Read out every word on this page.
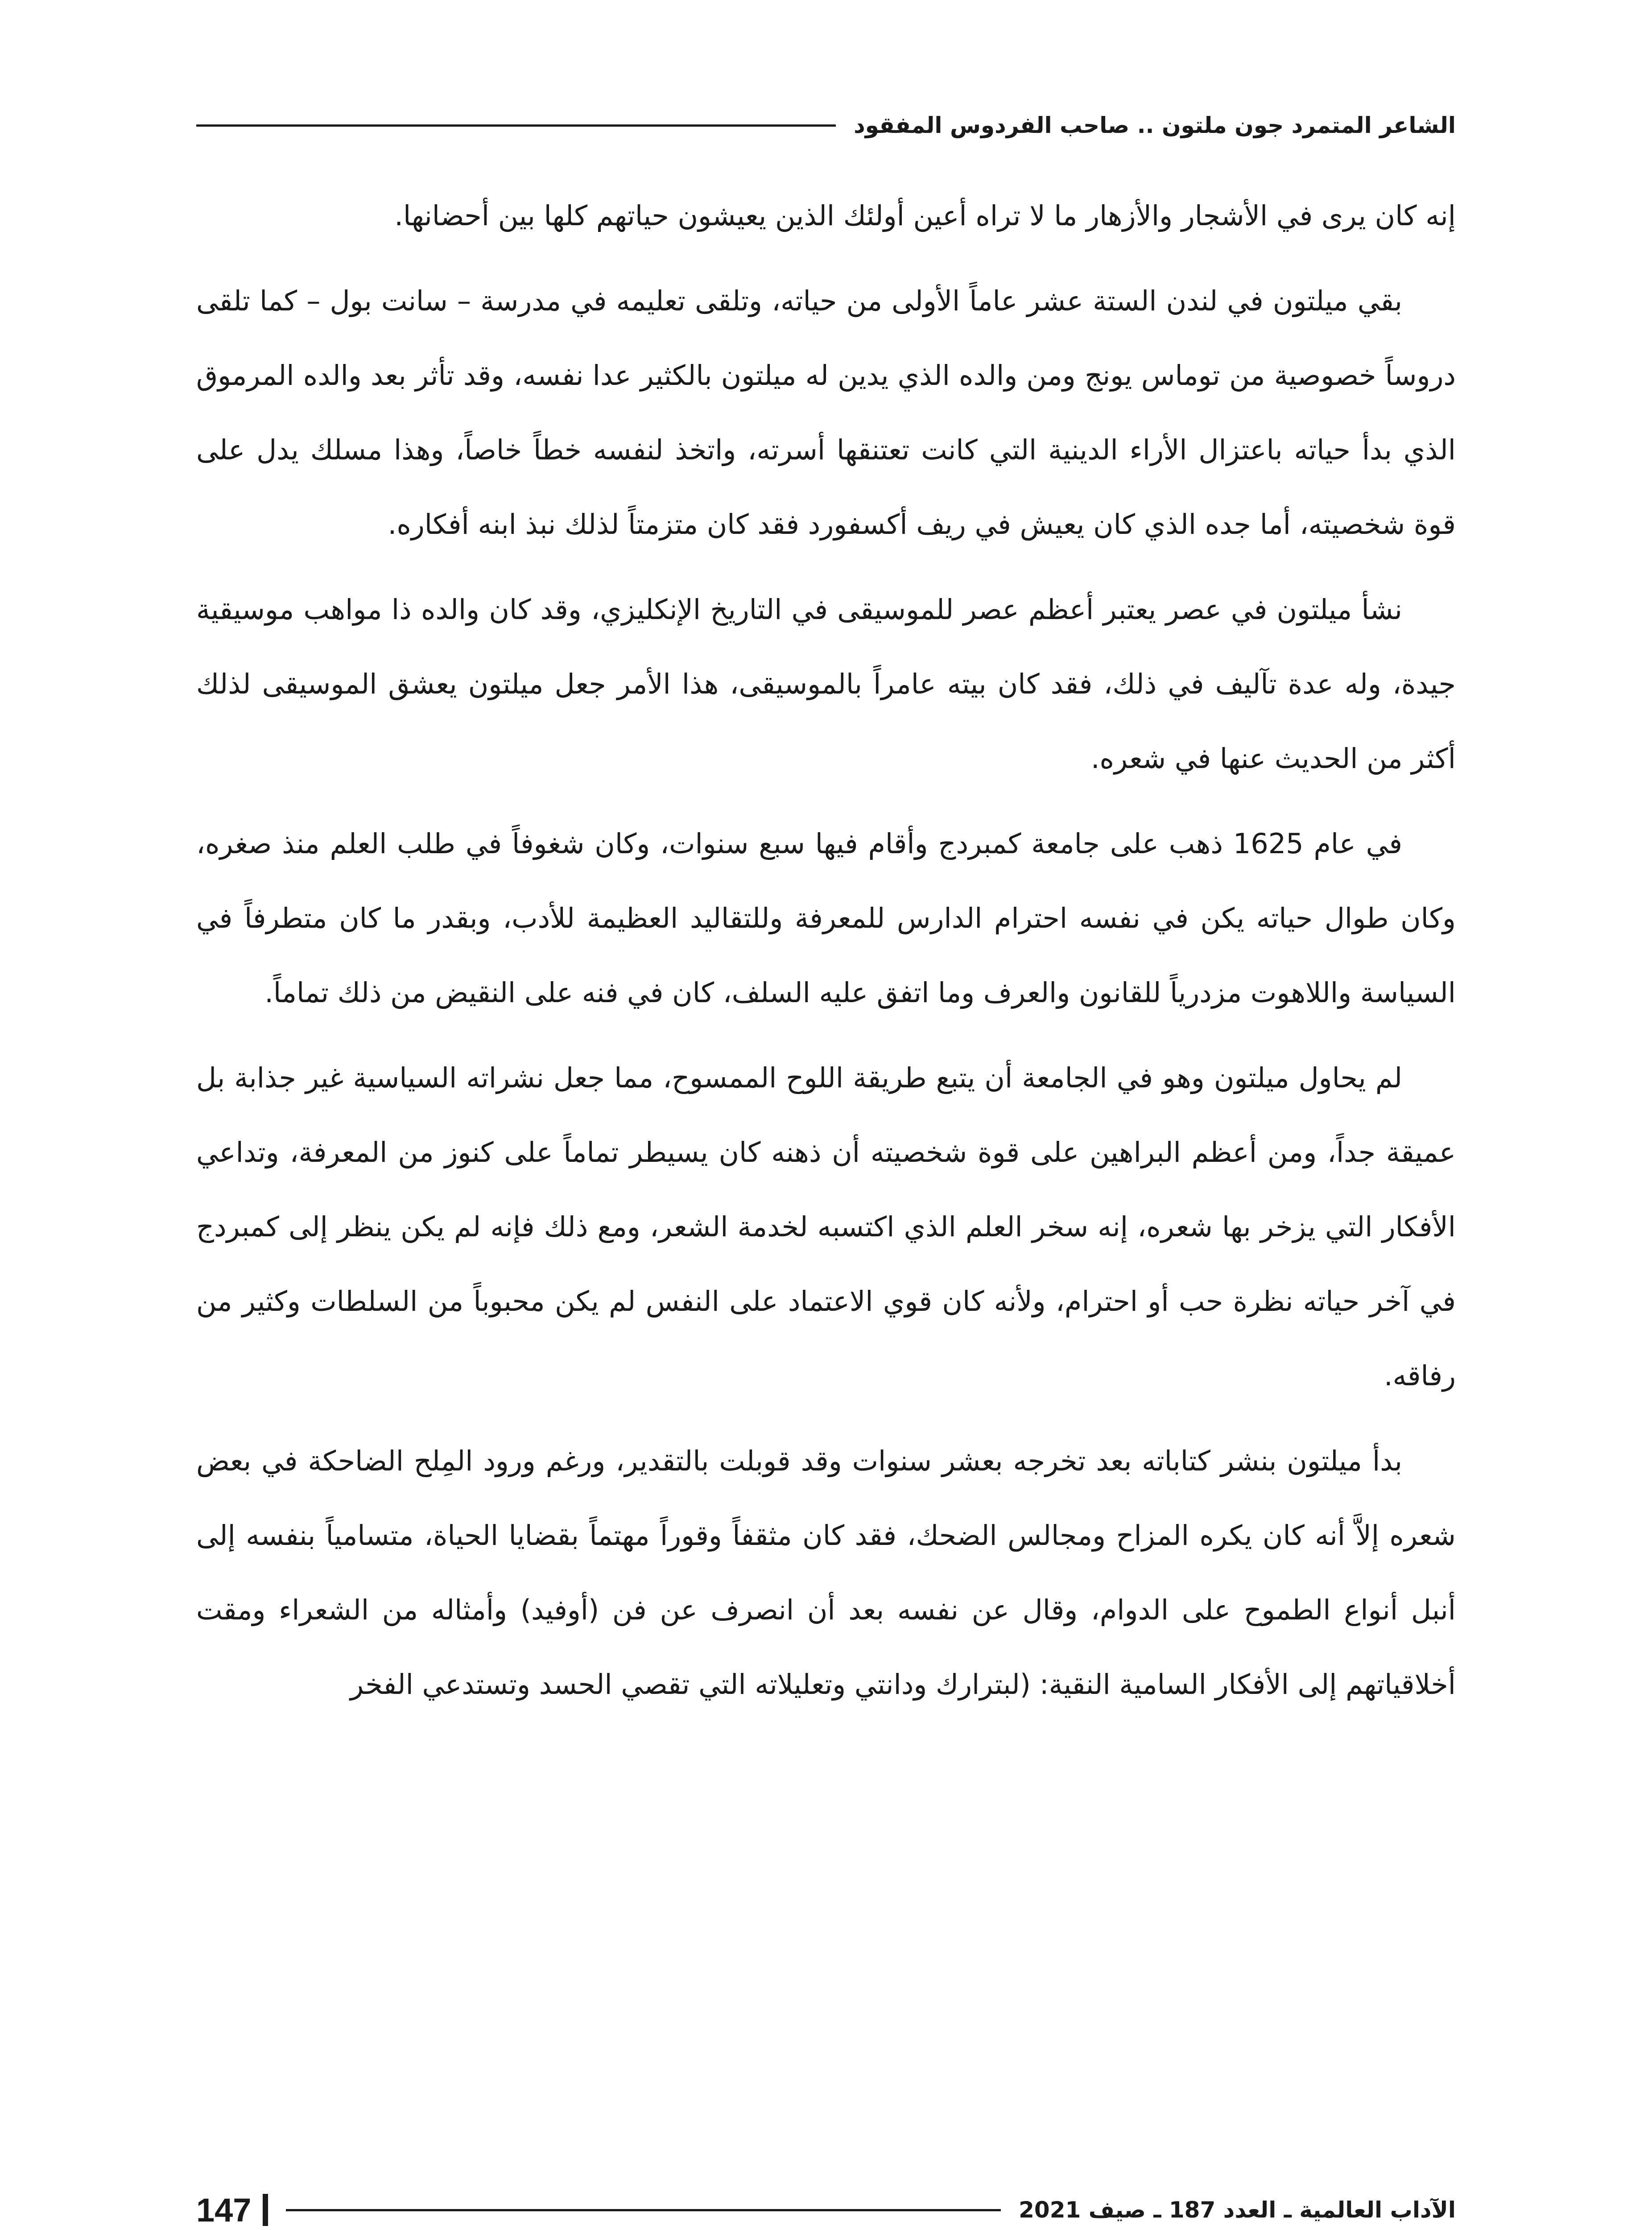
الشاعر المتمرد جون ملتون .. صاحب الفردوس المفقود

إنه كان يرى في الأشجار والأزهار ما لا تراه أعين أولئك الذين يعيشون حياتهم كلها بين أحضانها.

بقي ميلتون في لندن الستة عشر عاماً الأولى من حياته، وتلقى تعليمه في مدرسة – سانت بول – كما تلقى دروساً خصوصية من توماس يونج ومن والده الذي يدين له ميلتون بالكثير عدا نفسه، وقد تأثر بعد والده المرموق الذي بدأ حياته باعتزال الأراء الدينية التي كانت تعتنقها أسرته، واتخذ لنفسه خطاً خاصاً، وهذا مسلك يدل على قوة شخصيته، أما جده الذي كان يعيش في ريف أكسفورد فقد كان متزمتاً لذلك نبذ ابنه أفكاره.

نشأ ميلتون في عصر يعتبر أعظم عصر للموسيقى في التاريخ الإنكليزي، وقد كان والده ذا مواهب موسيقية جيدة، وله عدة تآليف في ذلك، فقد كان بيته عامراً بالموسيقى، هذا الأمر جعل ميلتون يعشق الموسيقى لذلك أكثر من الحديث عنها في شعره.

في عام 1625 ذهب على جامعة كمبردج وأقام فيها سبع سنوات، وكان شغوفاً في طلب العلم منذ صغره، وكان طوال حياته يكن في نفسه احترام الدارس للمعرفة وللتقاليد العظيمة للأدب، وبقدر ما كان متطرفاً في السياسة واللاهوت مزدرياً للقانون والعرف وما اتفق عليه السلف، كان في فنه على النقيض من ذلك تماماً.

لم يحاول ميلتون وهو في الجامعة أن يتبع طريقة اللوح الممسوح، مما جعل نشراته السياسية غير جذابة بل عميقة جداً، ومن أعظم البراهين على قوة شخصيته أن ذهنه كان يسيطر تماماً على كنوز من المعرفة، وتداعي الأفكار التي يزخر بها شعره، إنه سخر العلم الذي اكتسبه لخدمة الشعر، ومع ذلك فإنه لم يكن ينظر إلى كمبردج في آخر حياته نظرة حب أو احترام، ولأنه كان قوي الاعتماد على النفس لم يكن محبوباً من السلطات وكثير من رفاقه.

بدأ ميلتون بنشر كتاباته بعد تخرجه بعشر سنوات وقد قوبلت بالتقدير، ورغم ورود المِلح الضاحكة في بعض شعره إلاَّ أنه كان يكره المزاح ومجالس الضحك، فقد كان مثقفاً وقوراً مهتماً بقضايا الحياة، متسامياً بنفسه إلى أنبل أنواع الطموح على الدوام، وقال عن نفسه بعد أن انصرف عن فن (أوفيد) وأمثاله من الشعراء ومقت أخلاقياتهم إلى الأفكار السامية النقية: (لبترارك ودانتي وتعليلاته التي تقصي الحسد وتستدعي الفخر

الآداب العالمية ـ العدد 187 ـ صيف 2021
147
